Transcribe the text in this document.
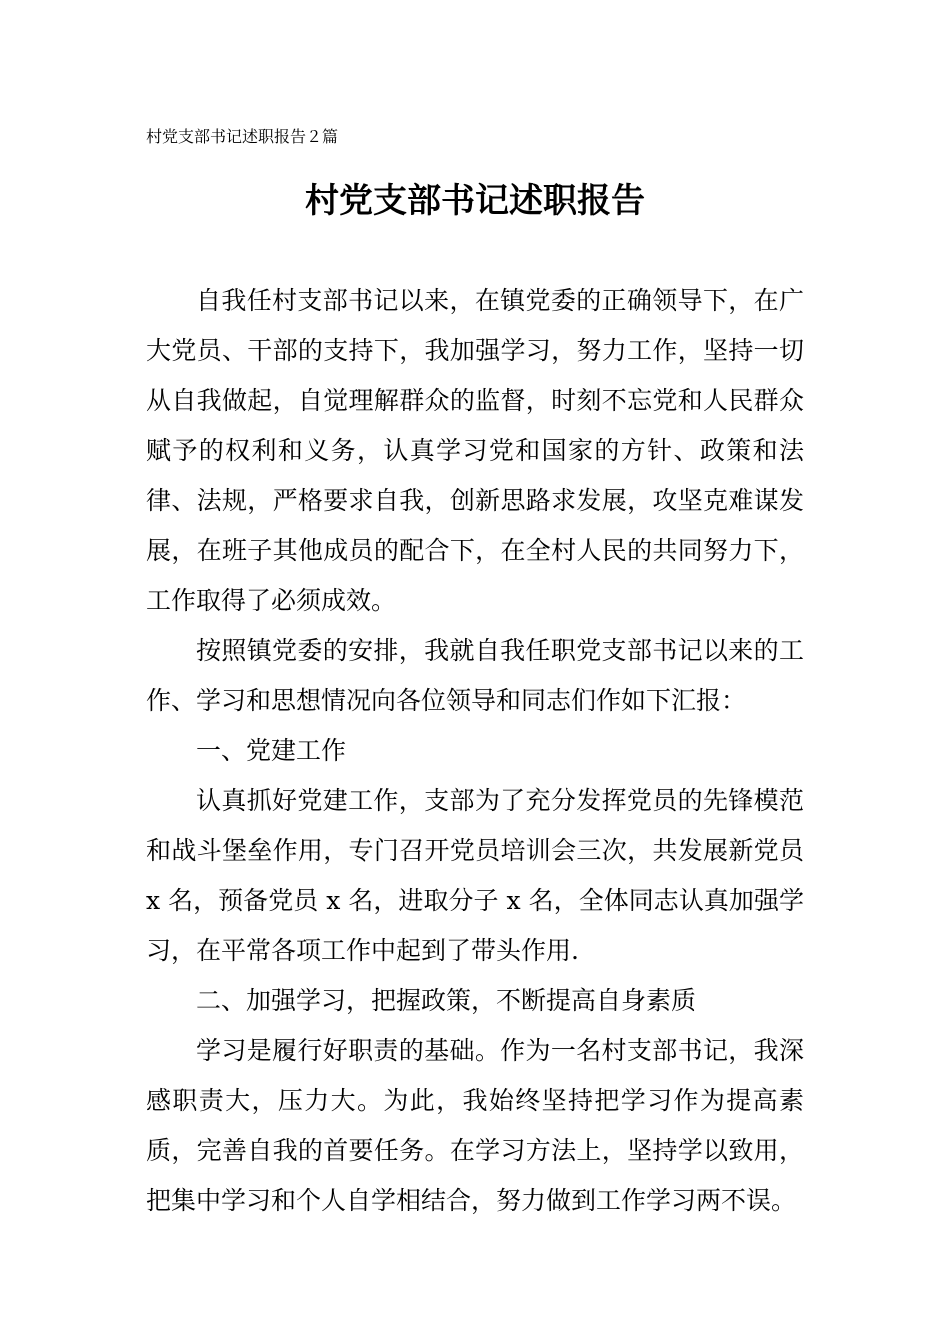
村党支部书记述职报告２篇
村党支部书记述职报告

自我任村支部书记以来，在镇党委的正确领导下，在广大党员、干部的支持下，我加强学习，努力工作，坚持一切从自我做起，自觉理解群众的监督，时刻不忘党和人民群众赋予的权利和义务，认真学习党和国家的方针、政策和法律、法规，严格要求自我，创新思路求发展，攻坚克难谋发展，在班子其他成员的配合下，在全村人民的共同努力下，工作取得了必须成效。

按照镇党委的安排，我就自我任职党支部书记以来的工作、学习和思想情况向各位领导和同志们作如下汇报：

一、党建工作

认真抓好党建工作，支部为了充分发挥党员的先锋模范和战斗堡垒作用，专门召开党员培训会三次，共发展新党员 x 名，预备党员 x 名，进取分子 x 名，全体同志认真加强学习，在平常各项工作中起到了带头作用.

二、加强学习，把握政策，不断提高自身素质

学习是履行好职责的基础。作为一名村支部书记，我深感职责大，压力大。为此，我始终坚持把学习作为提高素质，完善自我的首要任务。在学习方法上，坚持学以致用，把集中学习和个人自学相结合，努力做到工作学习两不误。
